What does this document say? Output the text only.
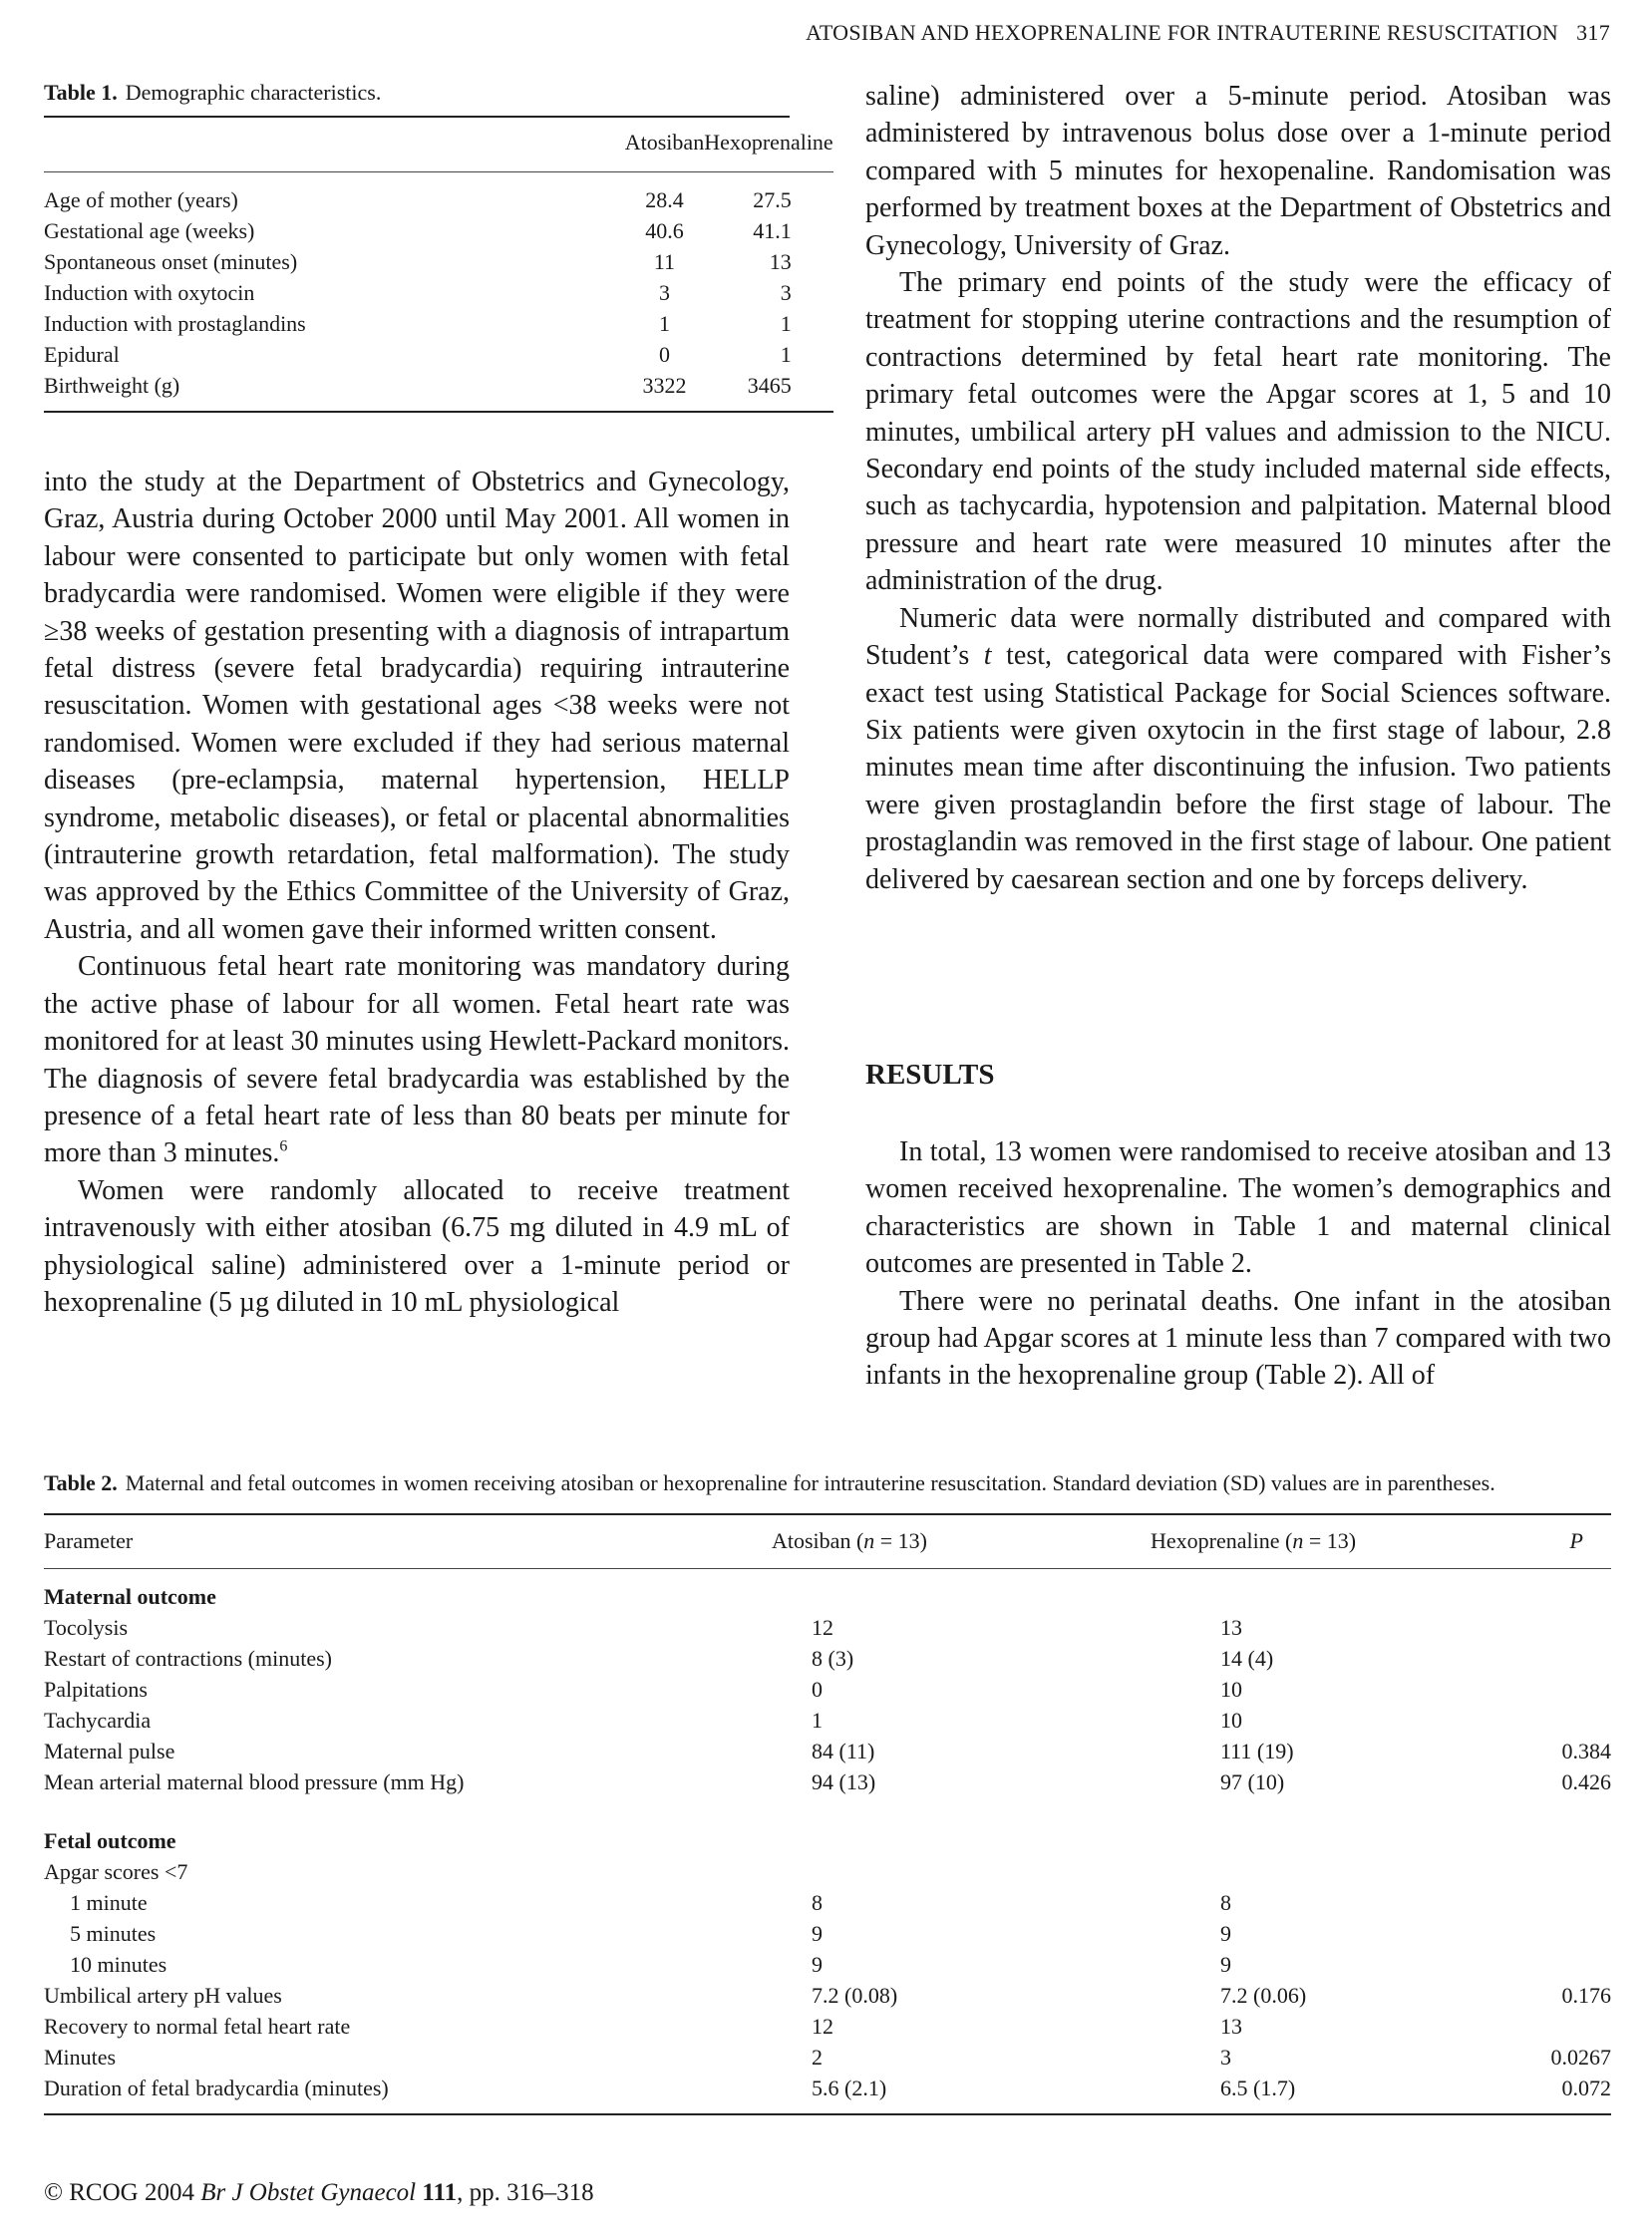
ATOSIBAN AND HEXOPRENALINE FOR INTRAUTERINE RESUSCITATION 317
Table 1. Demographic characteristics.
	Atosiban	Hexoprenaline
Age of mother (years)	28.4	27.5
Gestational age (weeks)	40.6	41.1
Spontaneous onset (minutes)	11	13
Induction with oxytocin	3	3
Induction with prostaglandins	1	1
Epidural	0	1
Birthweight (g)	3322	3465

into the study at the Department of Obstetrics and Gynecology, Graz, Austria during October 2000 until May 2001. All women in labour were consented to participate but only women with fetal bradycardia were randomised. Women were eligible if they were ≥38 weeks of gestation presenting with a diagnosis of intrapartum fetal distress (severe fetal bradycardia) requiring intrauterine resuscitation. Women with gestational ages <38 weeks were not randomised. Women were excluded if they had serious maternal diseases (pre-eclampsia, maternal hypertension, HELLP syndrome, metabolic diseases), or fetal or placental abnormalities (intrauterine growth retardation, fetal malformation). The study was approved by the Ethics Committee of the University of Graz, Austria, and all women gave their informed written consent.

Continuous fetal heart rate monitoring was mandatory during the active phase of labour for all women. Fetal heart rate was monitored for at least 30 minutes using Hewlett-Packard monitors. The diagnosis of severe fetal bradycardia was established by the presence of a fetal heart rate of less than 80 beats per minute for more than 3 minutes.$^6$

Women were randomly allocated to receive treatment intravenously with either atosiban (6.75 mg diluted in 4.9 mL of physiological saline) administered over a 1-minute period or hexoprenaline (5 µg diluted in 10 mL physiological

saline) administered over a 5-minute period. Atosiban was administered by intravenous bolus dose over a 1-minute period compared with 5 minutes for hexopenaline. Randomisation was performed by treatment boxes at the Department of Obstetrics and Gynecology, University of Graz.

The primary end points of the study were the efficacy of treatment for stopping uterine contractions and the resumption of contractions determined by fetal heart rate monitoring. The primary fetal outcomes were the Apgar scores at 1, 5 and 10 minutes, umbilical artery pH values and admission to the NICU. Secondary end points of the study included maternal side effects, such as tachycardia, hypotension and palpitation. Maternal blood pressure and heart rate were measured 10 minutes after the administration of the drug.

Numeric data were normally distributed and compared with Student’s t test, categorical data were compared with Fisher’s exact test using Statistical Package for Social Sciences software. Six patients were given oxytocin in the first stage of labour, 2.8 minutes mean time after discontinuing the infusion. Two patients were given prostaglandin before the first stage of labour. The prostaglandin was removed in the first stage of labour. One patient delivered by caesarean section and one by forceps delivery.

RESULTS

In total, 13 women were randomised to receive atosiban and 13 women received hexoprenaline. The women’s demographics and characteristics are shown in Table 1 and maternal clinical outcomes are presented in Table 2.

There were no perinatal deaths. One infant in the atosiban group had Apgar scores at 1 minute less than 7 compared with two infants in the hexoprenaline group (Table 2). All of

Table 2. Maternal and fetal outcomes in women receiving atosiban or hexoprenaline for intrauterine resuscitation. Standard deviation (SD) values are in parentheses.
Parameter	Atosiban (n = 13)	Hexoprenaline (n = 13)	P
Maternal outcome			
Tocolysis	12	13	
Restart of contractions (minutes)	8 (3)	14 (4)	
Palpitations	0	10	
Tachycardia	1	10	
Maternal pulse	84 (11)	111 (19)	0.384
Mean arterial maternal blood pressure (mm Hg)	94 (13)	97 (10)	0.426
Fetal outcome			
Apgar scores <7			
1 minute	8	8	
5 minutes	9	9	
10 minutes	9	9	
Umbilical artery pH values	7.2 (0.08)	7.2 (0.06)	0.176
Recovery to normal fetal heart rate	12	13	
Minutes	2	3	0.0267
Duration of fetal bradycardia (minutes)	5.6 (2.1)	6.5 (1.7)	0.072
© RCOG 2004 Br J Obstet Gynaecol 111, pp. 316–318
